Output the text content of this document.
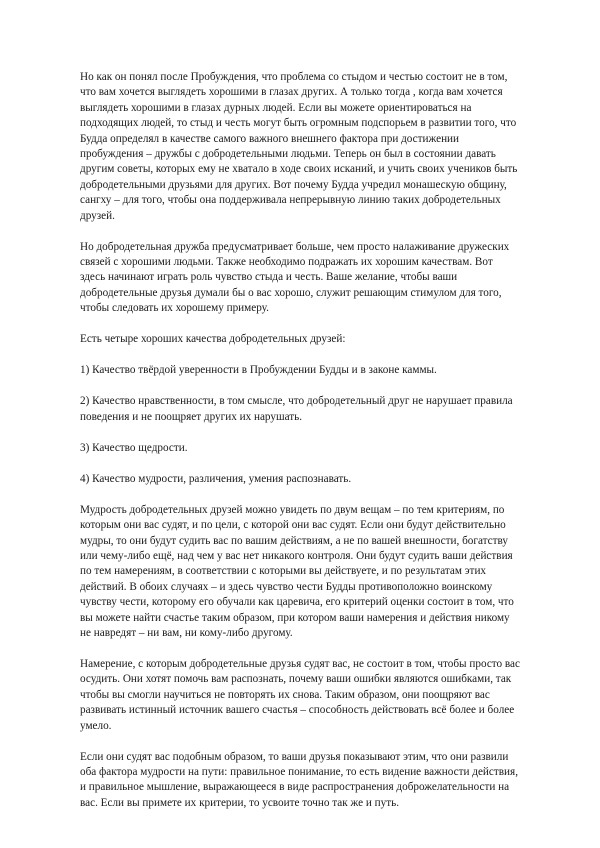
Но как он понял после Пробуждения, что проблема со стыдом и честью состоит не в том, что вам хочется выглядеть хорошими в глазах других. А только тогда , когда вам хочется выглядеть хорошими в глазах дурных людей. Если вы можете ориентироваться на подходящих людей, то стыд и честь могут быть огромным подспорьем в развитии того, что Будда определял в качестве самого важного внешнего фактора при достижении пробуждения – дружбы с добродетельными людьми. Теперь он был в состоянии давать другим советы, которых ему не хватало в ходе своих исканий, и учить своих учеников быть добродетельными друзьями для других. Вот почему Будда учредил монашескую общину, сангху – для того, чтобы она поддерживала непрерывную линию таких добродетельных друзей.

Но добродетельная дружба предусматривает больше, чем просто налаживание дружеских связей с хорошими людьми. Также необходимо подражать их хорошим качествам. Вот здесь начинают играть роль чувство стыда и честь. Ваше желание, чтобы ваши добродетельные друзья думали бы о вас хорошо, служит решающим стимулом для того, чтобы следовать их хорошему примеру.

Есть четыре хороших качества добродетельных друзей:

1) Качество твёрдой уверенности в Пробуждении Будды и в законе каммы.

2) Качество нравственности, в том смысле, что добродетельный друг не нарушает правила поведения и не поощряет других их нарушать.

3) Качество щедрости.

4) Качество мудрости, различения, умения распознавать.

Мудрость добродетельных друзей можно увидеть по двум вещам – по тем критериям, по которым они вас судят, и по цели, с которой они вас судят. Если они будут действительно мудры, то они будут судить вас по вашим действиям, а не по вашей внешности, богатству или чему-либо ещё, над чем у вас нет никакого контроля. Они будут судить ваши действия по тем намерениям, в соответствии с которыми вы действуете, и по результатам этих действий. В обоих случаях – и здесь чувство чести Будды противоположно воинскому чувству чести, которому его обучали как царевича, его критерий оценки состоит в том, что вы можете найти счастье таким образом, при котором ваши намерения и действия никому не навредят – ни вам, ни кому-либо другому.

Намерение, с которым добродетельные друзья судят вас, не состоит в том, чтобы просто вас осудить. Они хотят помочь вам распознать, почему ваши ошибки являются ошибками, так чтобы вы смогли научиться не повторять их снова. Таким образом, они поощряют вас развивать истинный источник вашего счастья – способность действовать всё более и более умело.

Если они судят вас подобным образом, то ваши друзья показывают этим, что они развили оба фактора мудрости на пути: правильное понимание, то есть видение важности действия, и правильное мышление, выражающееся в виде распространения доброжелательности на вас. Если вы примете их критерии, то усвоите точно так же и путь.
